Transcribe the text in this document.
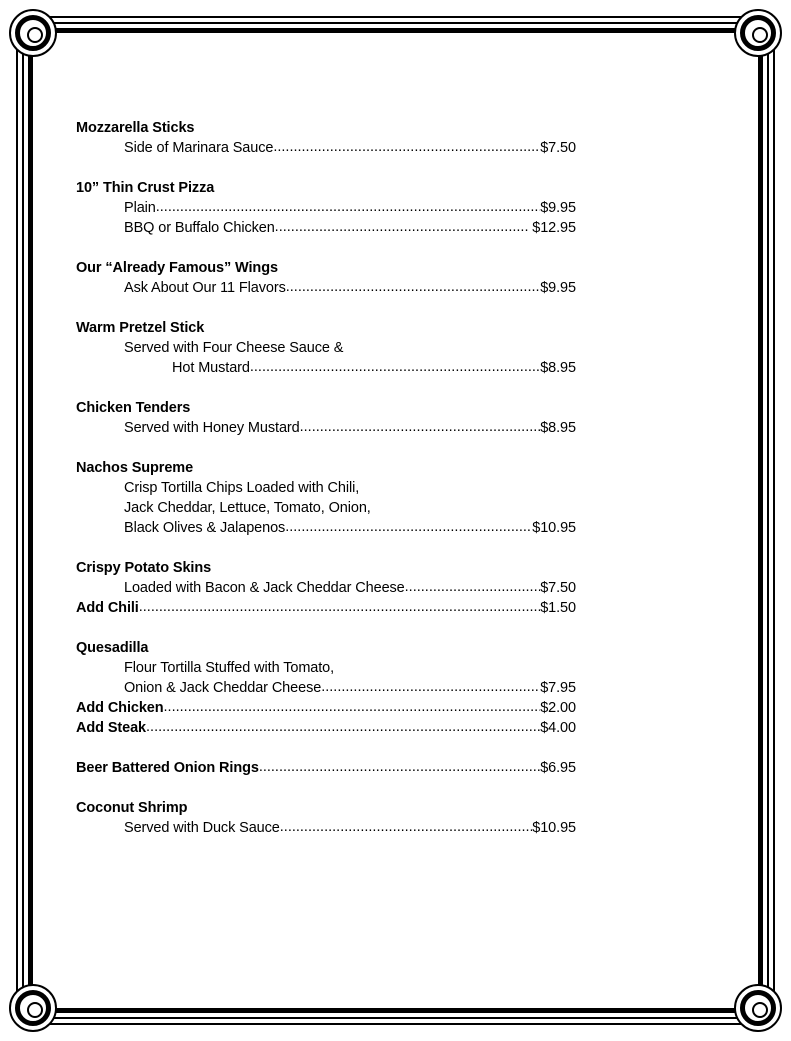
Mozzarella Sticks
Side of Marinara Sauce .....	$7.50
10” Thin Crust Pizza
Plain .....	$9.95
BBQ or Buffalo Chicken .....	$12.95
Our “Already Famous” Wings
Ask About Our 11 Flavors .....	$9.95
Warm Pretzel Stick
Served with Four Cheese Sauce &
Hot Mustard .....	$8.95
Chicken Tenders
Served with Honey Mustard .....	$8.95
Nachos Supreme
Crisp Tortilla Chips Loaded with Chili,
Jack Cheddar, Lettuce, Tomato, Onion,
Black Olives & Jalapenos .....	$10.95
Crispy Potato Skins
Loaded with Bacon & Jack Cheddar Cheese .....	$7.50
Add Chili .....	$1.50
Quesadilla
Flour Tortilla Stuffed with Tomato,
Onion & Jack Cheddar Cheese .....	$7.95
Add Chicken .....	$2.00
Add Steak .....	$4.00
Beer Battered Onion Rings .....	$6.95
Coconut Shrimp
Served with Duck Sauce .....	$10.95
